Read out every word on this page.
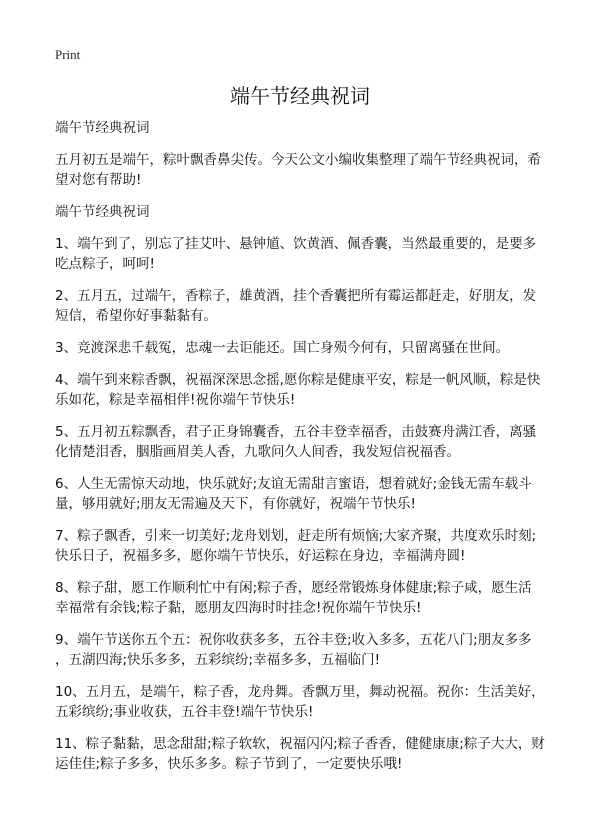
Print
端午节经典祝词
端午节经典祝词
五月初五是端午，粽叶飘香鼻尖传。今天公文小编收集整理了端午节经典祝词，希
望对您有帮助!
端午节经典祝词
1、端午到了，别忘了挂艾叶、悬钟馗、饮黄酒、佩香囊，当然最重要的，是要多
吃点粽子，呵呵!
2、五月五，过端午，香粽子，雄黄酒，挂个香囊把所有霉运都赶走，好朋友，发
短信，希望你好事黏黏有。
3、竞渡深悲千载冤，忠魂一去讵能还。国亡身殒今何有，只留离骚在世间。
4、端午到来粽香飘，祝福深深思念摇,愿你粽是健康平安，粽是一帆风顺，粽是快
乐如花，粽是幸福相伴!祝你端午节快乐!
5、五月初五粽飘香，君子正身锦囊香，五谷丰登幸福香，击鼓赛舟满江香，离骚
化情楚泪香，胭脂画眉美人香，九歌问久人间香，我发短信祝福香。
6、人生无需惊天动地，快乐就好;友谊无需甜言蜜语，想着就好;金钱无需车载斗
量，够用就好;朋友无需遍及天下，有你就好，祝端午节快乐!
7、粽子飘香，引来一切美好;龙舟划划，赶走所有烦恼;大家齐聚，共度欢乐时刻;
快乐日子，祝福多多，愿你端午节快乐，好运粽在身边，幸福满舟圆!
8、粽子甜，愿工作顺利忙中有闲;粽子香，愿经常锻炼身体健康;粽子咸，愿生活
幸福常有余钱;粽子黏，愿朋友四海时时挂念!祝你端午节快乐!
9、端午节送你五个五：祝你收获多多，五谷丰登;收入多多，五花八门;朋友多多
，五湖四海;快乐多多，五彩缤纷;幸福多多，五福临门!
10、五月五，是端午，粽子香，龙舟舞。香飘万里，舞动祝福。祝你：生活美好，
五彩缤纷;事业收获，五谷丰登!端午节快乐!
11、粽子黏黏，思念甜甜;粽子软软，祝福闪闪;粽子香香，健健康康;粽子大大，财
运佳佳;粽子多多，快乐多多。粽子节到了，一定要快乐哦!
